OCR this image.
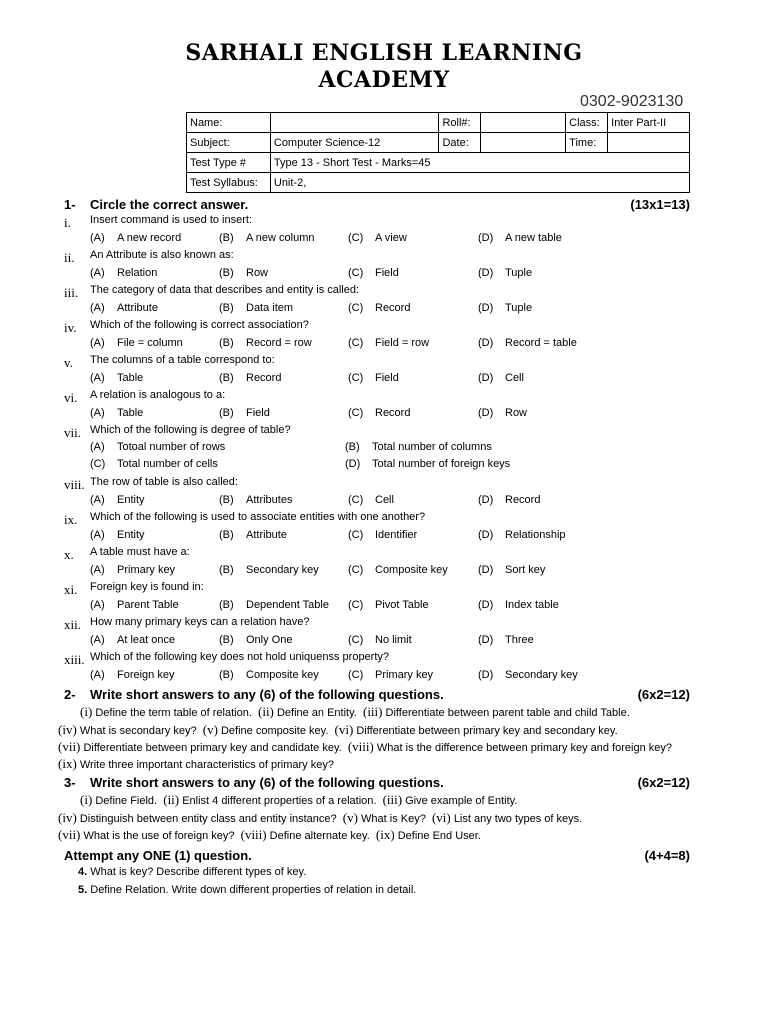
SARHALI ENGLISH LEARNING
ACADEMY
0302-9023130
Name:		Roll#:		Class:	Inter Part-II
Subject:	Computer Science-12	Date:		Time:	
Test Type #	Type 13 - Short Test - Marks=45				
Test Syllabus:	Unit-2,				
1- Circle the correct answer.	(13x1=13)
i. Insert command is used to insert:
(A) A new record	(B) A new column	(C) A view	(D) A new table
ii. An Attribute is also known as:
(A) Relation	(B) Row	(C) Field	(D) Tuple
iii. The category of data that describes and entity is called:
(A) Attribute	(B) Data item	(C) Record	(D) Tuple
iv. Which of the following is correct association?
(A) File = column	(B) Record = row	(C) Field = row	(D) Record = table
v. The columns of a table correspond to:
(A) Table	(B) Record	(C) Field	(D) Cell
vi. A relation is analogous to a:
(A) Table	(B) Field	(C) Record	(D) Row
vii. Which of the following is degree of table?
(A) Totoal number of rows	(B) Total number of columns
(C) Total number of cells	(D) Total number of foreign keys
viii. The row of table is also called:
(A) Entity	(B) Attributes	(C) Cell	(D) Record
ix. Which of the following is used to associate entities with one another?
(A) Entity	(B) Attribute	(C) Identifier	(D) Relationship
x. A table must have a:
(A) Primary key	(B) Secondary key	(C) Composite key	(D) Sort key
xi. Foreign key is found in:
(A) Parent Table	(B) Dependent Table (C) Pivot Table	(D) Index table
xii. How many primary keys can a relation have?
(A) At leat once	(B) Only One	(C) No limit	(D) Three
xiii. Which of the following key does not hold uniquenss property?
(A) Foreign key	(B) Composite key	(C) Primary key	(D) Secondary key
2- Write short answers to any (6) of the following questions.	(6x2=12)
(i) Define the term table of relation. (ii) Define an Entity. (iii) Differentiate between parent table and child Table.
(iv) What is secondary key? (v) Define composite key. (vi) Differentiate between primary key and secondary key.
(vii) Differentiate between primary key and candidate key. (viii) What is the difference between primary key and foreign key?
(ix) Write three important characteristics of primary key?
3- Write short answers to any (6) of the following questions.	(6x2=12)
(i) Define Field. (ii) Enlist 4 different properties of a relation. (iii) Give example of Entity.
(iv) Distinguish between entity class and entity instance? (v) What is Key? (vi) List any two types of keys.
(vii) What is the use of foreign key? (viii) Define alternate key. (ix) Define End User.
Attempt any ONE (1) question.	(4+4=8)
4. What is key? Describe different types of key.
5. Define Relation. Write down different properties of relation in detail.
